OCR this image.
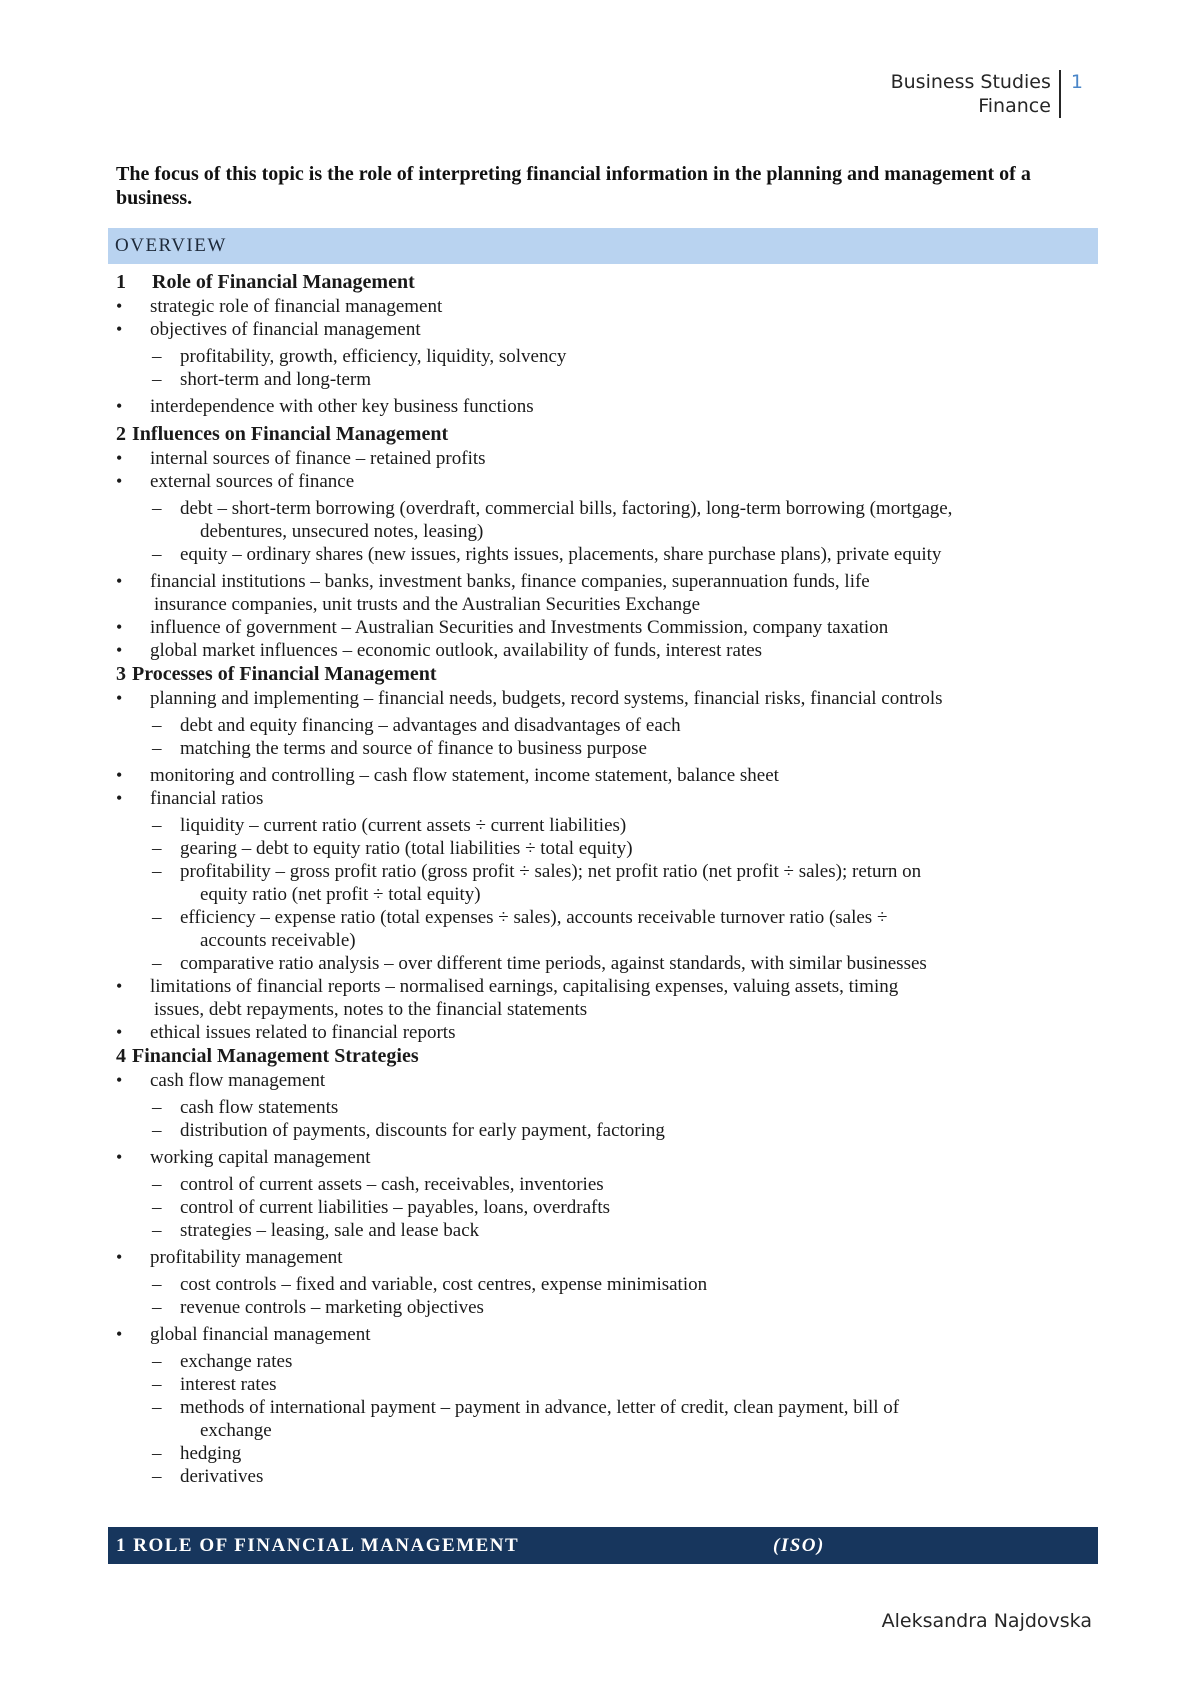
Business Studies
Finance
1
The focus of this topic is the role of interpreting financial information in the planning and management of a business.
OVERVIEW
1 Role of Financial Management
• strategic role of financial management
• objectives of financial management
– profitability, growth, efficiency, liquidity, solvency
– short-term and long-term
• interdependence with other key business functions
2 Influences on Financial Management
• internal sources of finance – retained profits
• external sources of finance
– debt – short-term borrowing (overdraft, commercial bills, factoring), long-term borrowing (mortgage,
debentures, unsecured notes, leasing)
– equity – ordinary shares (new issues, rights issues, placements, share purchase plans), private equity
• financial institutions – banks, investment banks, finance companies, superannuation funds, life
insurance companies, unit trusts and the Australian Securities Exchange
• influence of government – Australian Securities and Investments Commission, company taxation
• global market influences – economic outlook, availability of funds, interest rates
3 Processes of Financial Management
• planning and implementing – financial needs, budgets, record systems, financial risks, financial controls
– debt and equity financing – advantages and disadvantages of each
– matching the terms and source of finance to business purpose
• monitoring and controlling – cash flow statement, income statement, balance sheet
• financial ratios
– liquidity – current ratio (current assets ÷ current liabilities)
– gearing – debt to equity ratio (total liabilities ÷ total equity)
– profitability – gross profit ratio (gross profit ÷ sales); net profit ratio (net profit ÷ sales); return on
equity ratio (net profit ÷ total equity)
– efficiency – expense ratio (total expenses ÷ sales), accounts receivable turnover ratio (sales ÷
accounts receivable)
– comparative ratio analysis – over different time periods, against standards, with similar businesses
• limitations of financial reports – normalised earnings, capitalising expenses, valuing assets, timing
issues, debt repayments, notes to the financial statements
• ethical issues related to financial reports
4 Financial Management Strategies
• cash flow management
– cash flow statements
– distribution of payments, discounts for early payment, factoring
• working capital management
– control of current assets – cash, receivables, inventories
– control of current liabilities – payables, loans, overdrafts
– strategies – leasing, sale and lease back
• profitability management
– cost controls – fixed and variable, cost centres, expense minimisation
– revenue controls – marketing objectives
• global financial management
– exchange rates
– interest rates
– methods of international payment – payment in advance, letter of credit, clean payment, bill of
exchange
– hedging
– derivatives
1 ROLE OF FINANCIAL MANAGEMENT	(ISO)
Aleksandra Najdovska
